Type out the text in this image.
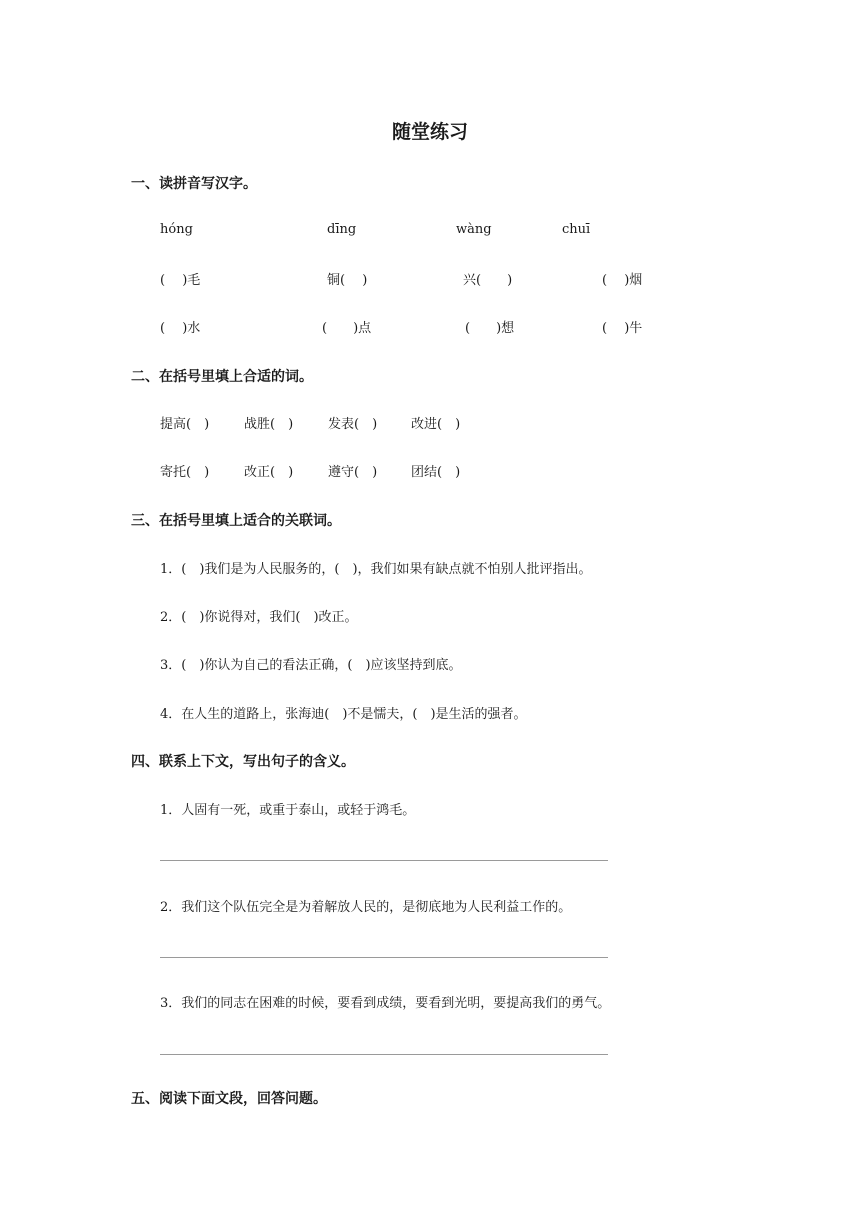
随堂练习
一、读拼音写汉字。
hóng	dīng	wàng	chuī
(　 )毛	铜(　 )	兴(　　)	(　 )烟
(　 )水	(　　)点	(　　)想	(　 )牛
二、在括号里填上合适的词。
提高(　)	战胜(　)	发表(　)	改进(　)
寄托(　)	改正(　)	遵守(　)	团结(　)
三、在括号里填上适合的关联词。
1．(　)我们是为人民服务的，(　)，我们如果有缺点就不怕别人批评指出。
2．(　)你说得对，我们(　)改正。
3．(　)你认为自己的看法正确，(　)应该坚持到底。
4．在人生的道路上，张海迪(　)不是懦夫，(　)是生活的强者。
四、联系上下文，写出句子的含义。
1．人固有一死，或重于泰山，或轻于鸿毛。
2．我们这个队伍完全是为着解放人民的，是彻底地为人民利益工作的。
3．我们的同志在困难的时候，要看到成绩，要看到光明，要提高我们的勇气。
五、阅读下面文段，回答问题。
